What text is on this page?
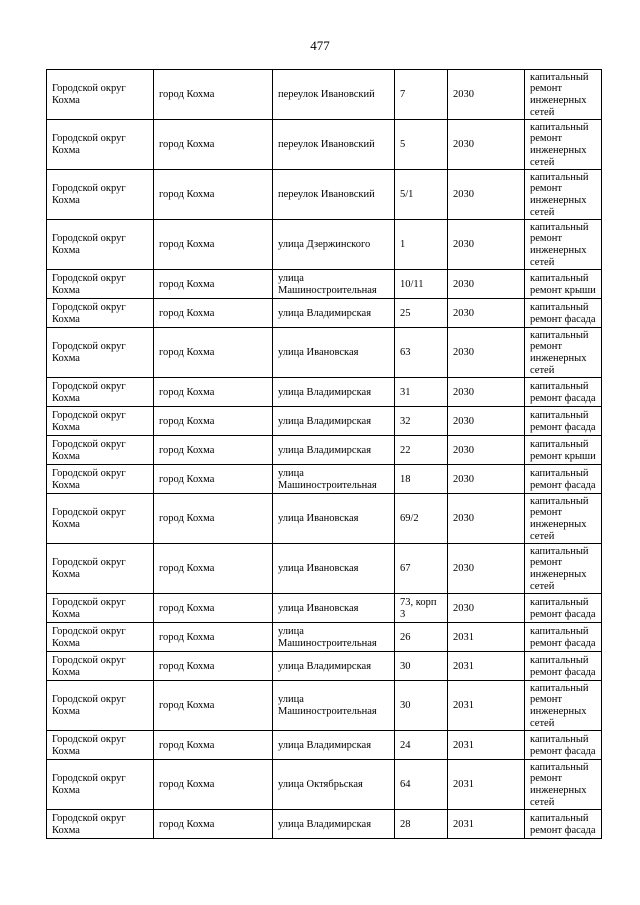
477
Городской округ Кохма	город Кохма	переулок Ивановский	7	2030	капитальный ремонт инженерных сетей
Городской округ Кохма	город Кохма	переулок Ивановский	5	2030	капитальный ремонт инженерных сетей
Городской округ Кохма	город Кохма	переулок Ивановский	5/1	2030	капитальный ремонт инженерных сетей
Городской округ Кохма	город Кохма	улица Дзержинского	1	2030	капитальный ремонт инженерных сетей
Городской округ Кохма	город Кохма	улица Машиностроительная	10/11	2030	капитальный ремонт крыши
Городской округ Кохма	город Кохма	улица Владимирская	25	2030	капитальный ремонт фасада
Городской округ Кохма	город Кохма	улица Ивановская	63	2030	капитальный ремонт инженерных сетей
Городской округ Кохма	город Кохма	улица Владимирская	31	2030	капитальный ремонт фасада
Городской округ Кохма	город Кохма	улица Владимирская	32	2030	капитальный ремонт фасада
Городской округ Кохма	город Кохма	улица Владимирская	22	2030	капитальный ремонт крыши
Городской округ Кохма	город Кохма	улица Машиностроительная	18	2030	капитальный ремонт фасада
Городской округ Кохма	город Кохма	улица Ивановская	69/2	2030	капитальный ремонт инженерных сетей
Городской округ Кохма	город Кохма	улица Ивановская	67	2030	капитальный ремонт инженерных сетей
Городской округ Кохма	город Кохма	улица Ивановская	73, корп 3	2030	капитальный ремонт фасада
Городской округ Кохма	город Кохма	улица Машиностроительная	26	2031	капитальный ремонт фасада
Городской округ Кохма	город Кохма	улица Владимирская	30	2031	капитальный ремонт фасада
Городской округ Кохма	город Кохма	улица Машиностроительная	30	2031	капитальный ремонт инженерных сетей
Городской округ Кохма	город Кохма	улица Владимирская	24	2031	капитальный ремонт фасада
Городской округ Кохма	город Кохма	улица Октябрьская	64	2031	капитальный ремонт инженерных сетей
Городской округ Кохма	город Кохма	улица Владимирская	28	2031	капитальный ремонт фасада
